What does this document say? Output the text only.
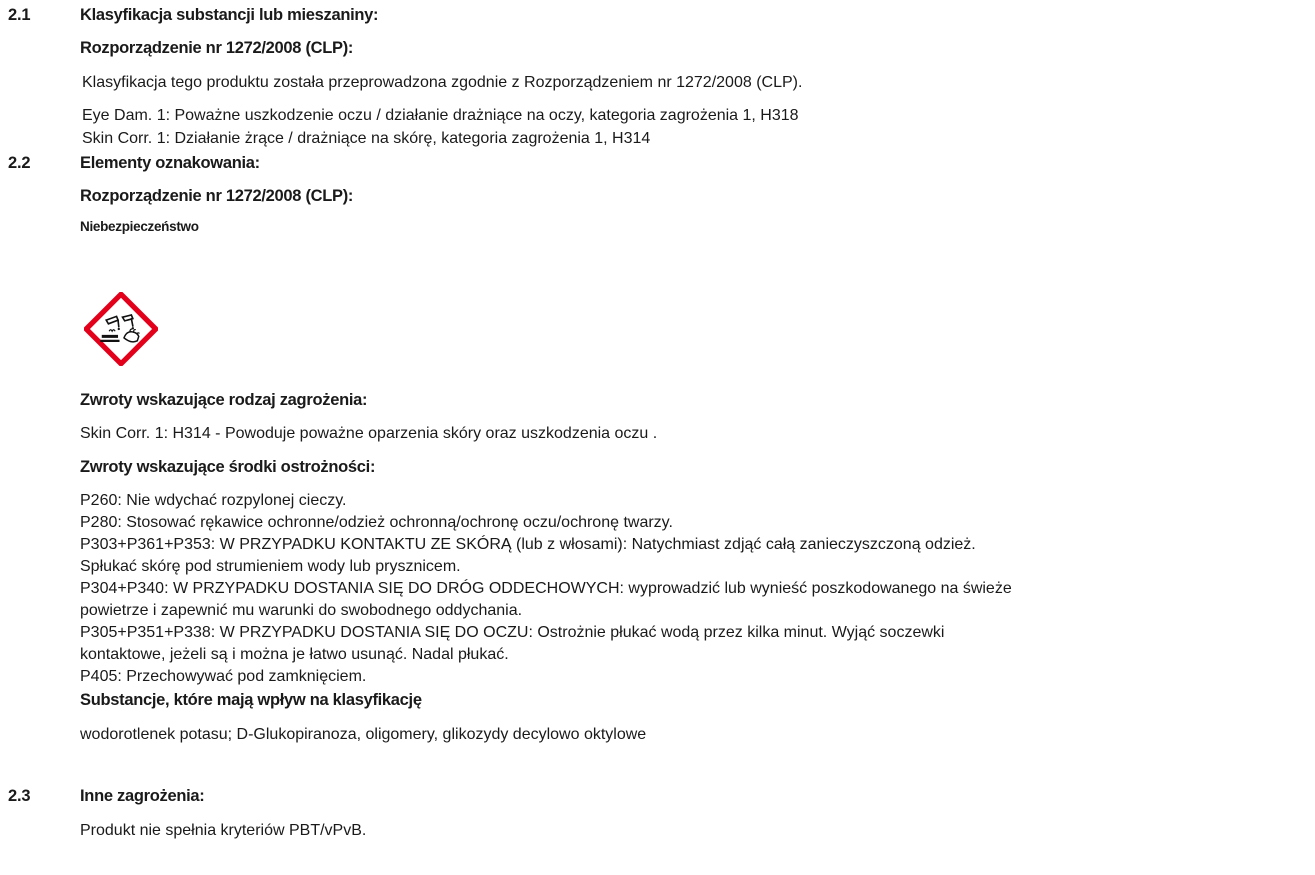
2.1	Klasyfikacja substancji lub mieszaniny:
Rozporządzenie nr 1272/2008 (CLP):
Klasyfikacja tego produktu została przeprowadzona zgodnie z Rozporządzeniem nr 1272/2008 (CLP).
Eye Dam. 1: Poważne uszkodzenie oczu / działanie drażniące na oczy, kategoria zagrożenia 1, H318
Skin Corr. 1: Działanie żrące / drażniące na skórę, kategoria zagrożenia 1, H314
2.2	Elementy oznakowania:
Rozporządzenie nr 1272/2008 (CLP):
Niebezpieczeństwo
Zwroty wskazujące rodzaj zagrożenia:
Skin Corr. 1: H314 - Powoduje poważne oparzenia skóry oraz uszkodzenia oczu .
Zwroty wskazujące środki ostrożności:
P260: Nie wdychać rozpylonej cieczy.
P280: Stosować rękawice ochronne/odzież ochronną/ochronę oczu/ochronę twarzy.
P303+P361+P353: W PRZYPADKU KONTAKTU ZE SKÓRĄ (lub z włosami): Natychmiast zdjąć całą zanieczyszczoną odzież.
Spłukać skórę pod strumieniem wody lub prysznicem.
P304+P340: W PRZYPADKU DOSTANIA SIĘ DO DRÓG ODDECHOWYCH: wyprowadzić lub wynieść poszkodowanego na świeże
powietrze i zapewnić mu warunki do swobodnego oddychania.
P305+P351+P338: W PRZYPADKU DOSTANIA SIĘ DO OCZU: Ostrożnie płukać wodą przez kilka minut. Wyjąć soczewki
kontaktowe, jeżeli są i można je łatwo usunąć. Nadal płukać.
P405: Przechowywać pod zamknięciem.
Substancje, które mają wpływ na klasyfikację
wodorotlenek potasu; D-Glukopiranoza, oligomery, glikozydy decylowo oktylowe
2.3	Inne zagrożenia:
Produkt nie spełnia kryteriów PBT/vPvB.
